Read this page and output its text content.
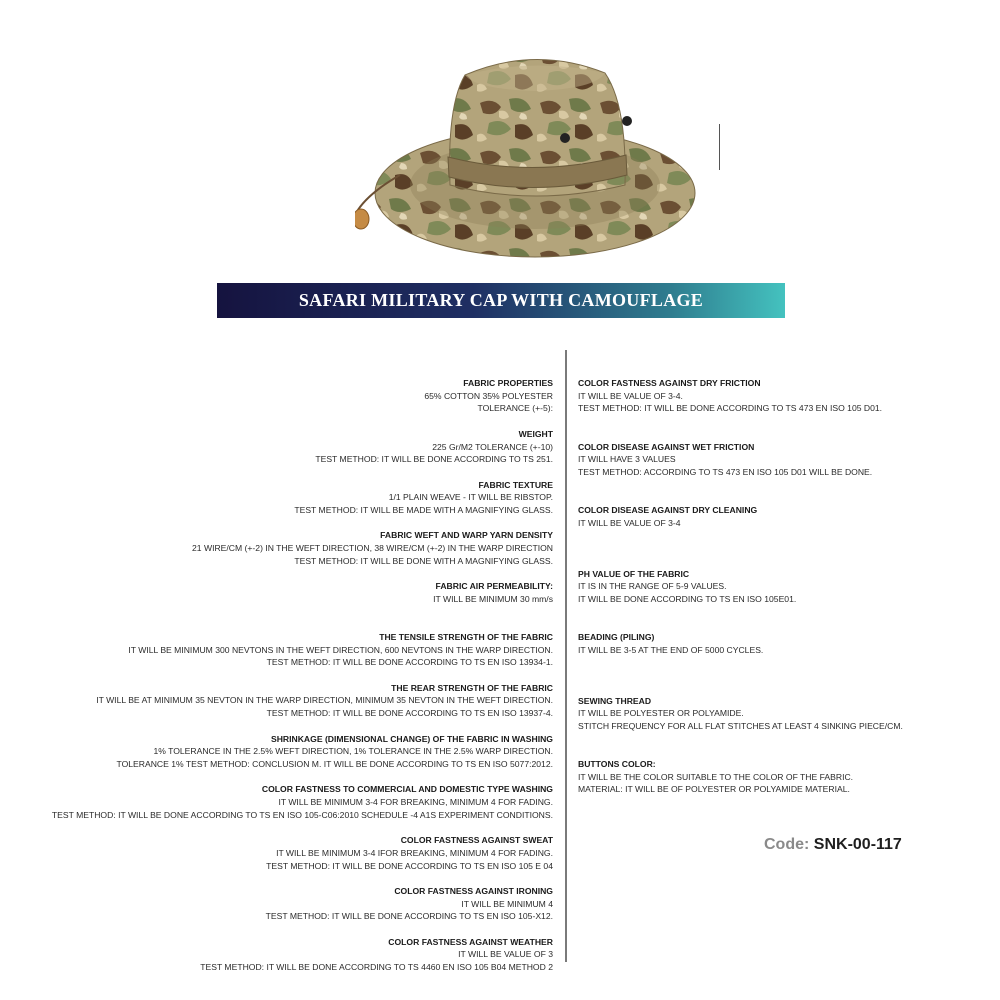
SAFARI MILITARY CAP WITH CAMOUFLAGE
FABRIC PROPERTIES
65% COTTON 35% POLYESTER
TOLERANCE (+-5):
WEIGHT
225 Gr/M2 TOLERANCE (+-10)
TEST METHOD: IT WILL BE DONE ACCORDING TO TS 251.
FABRIC TEXTURE
1/1 PLAIN WEAVE - IT WILL BE RIBSTOP.
TEST METHOD: IT WILL BE MADE WITH A MAGNIFYING GLASS.
FABRIC WEFT AND WARP YARN DENSITY
21 WIRE/CM (+-2) IN THE WEFT DIRECTION, 38 WIRE/CM (+-2) IN THE WARP DIRECTION
TEST METHOD: IT WILL BE DONE WITH A MAGNIFYING GLASS.
FABRIC AIR PERMEABILITY:
IT WILL BE MINIMUM 30 mm/s
THE TENSILE STRENGTH OF THE FABRIC
IT WILL BE MINIMUM 300 NEVTONS IN THE WEFT DIRECTION, 600 NEVTONS IN THE WARP DIRECTION.
TEST METHOD: IT WILL BE DONE ACCORDING TO TS EN ISO 13934-1.
THE REAR STRENGTH OF THE FABRIC
IT WILL BE AT MINIMUM 35 NEVTON IN THE WARP DIRECTION, MINIMUM 35 NEVTON IN THE WEFT DIRECTION.
TEST METHOD: IT WILL BE DONE ACCORDING TO TS EN ISO 13937-4.
SHRINKAGE (DIMENSIONAL CHANGE) OF THE FABRIC IN WASHING
1% TOLERANCE IN THE 2.5% WEFT DIRECTION, 1% TOLERANCE IN THE 2.5% WARP DIRECTION.
TOLERANCE 1% TEST METHOD: CONCLUSION M. IT WILL BE DONE ACCORDING TO TS EN ISO 5077:2012.
COLOR FASTNESS TO COMMERCIAL AND DOMESTIC TYPE WASHING
IT WILL BE MINIMUM 3-4 FOR BREAKING, MINIMUM 4 FOR FADING.
TEST METHOD: IT WILL BE DONE ACCORDING TO TS EN ISO 105-C06:2010 SCHEDULE -4 A1S EXPERIMENT CONDITIONS.
COLOR FASTNESS AGAINST SWEAT
IT WILL BE MINIMUM 3-4 IFOR BREAKING, MINIMUM 4 FOR FADING.
TEST METHOD: IT WILL BE DONE ACCORDING TO TS EN ISO 105 E 04
COLOR FASTNESS AGAINST IRONING
IT WILL BE MINIMUM 4
TEST METHOD: IT WILL BE DONE ACCORDING TO TS EN ISO 105-X12.
COLOR FASTNESS AGAINST WEATHER
IT WILL BE VALUE OF 3
TEST METHOD: IT WILL BE DONE ACCORDING TO TS 4460 EN ISO 105 B04 METHOD 2
COLOR FASTNESS AGAINST DRY FRICTION
IT WILL BE VALUE OF 3-4.
TEST METHOD: IT WILL BE DONE ACCORDING TO TS 473 EN ISO 105 D01.
COLOR DISEASE AGAINST WET FRICTION
IT WILL HAVE 3 VALUES
TEST METHOD: ACCORDING TO TS 473 EN ISO 105 D01 WILL BE DONE.
COLOR DISEASE AGAINST DRY CLEANING
IT WILL BE VALUE OF 3-4
PH VALUE OF THE FABRIC
IT IS IN THE RANGE OF 5-9 VALUES.
IT WILL BE DONE ACCORDING TO TS EN ISO 105E01.
BEADING (PILING)
IT WILL BE 3-5 AT THE END OF 5000 CYCLES.
SEWING THREAD
IT WILL BE POLYESTER OR POLYAMIDE.
STITCH FREQUENCY FOR ALL FLAT STITCHES AT LEAST 4 SINKING PIECE/CM.
BUTTONS COLOR:
IT WILL BE THE COLOR SUITABLE TO THE COLOR OF THE FABRIC.
MATERIAL: IT WILL BE OF POLYESTER OR POLYAMIDE MATERIAL.
Code: SNK-00-117
